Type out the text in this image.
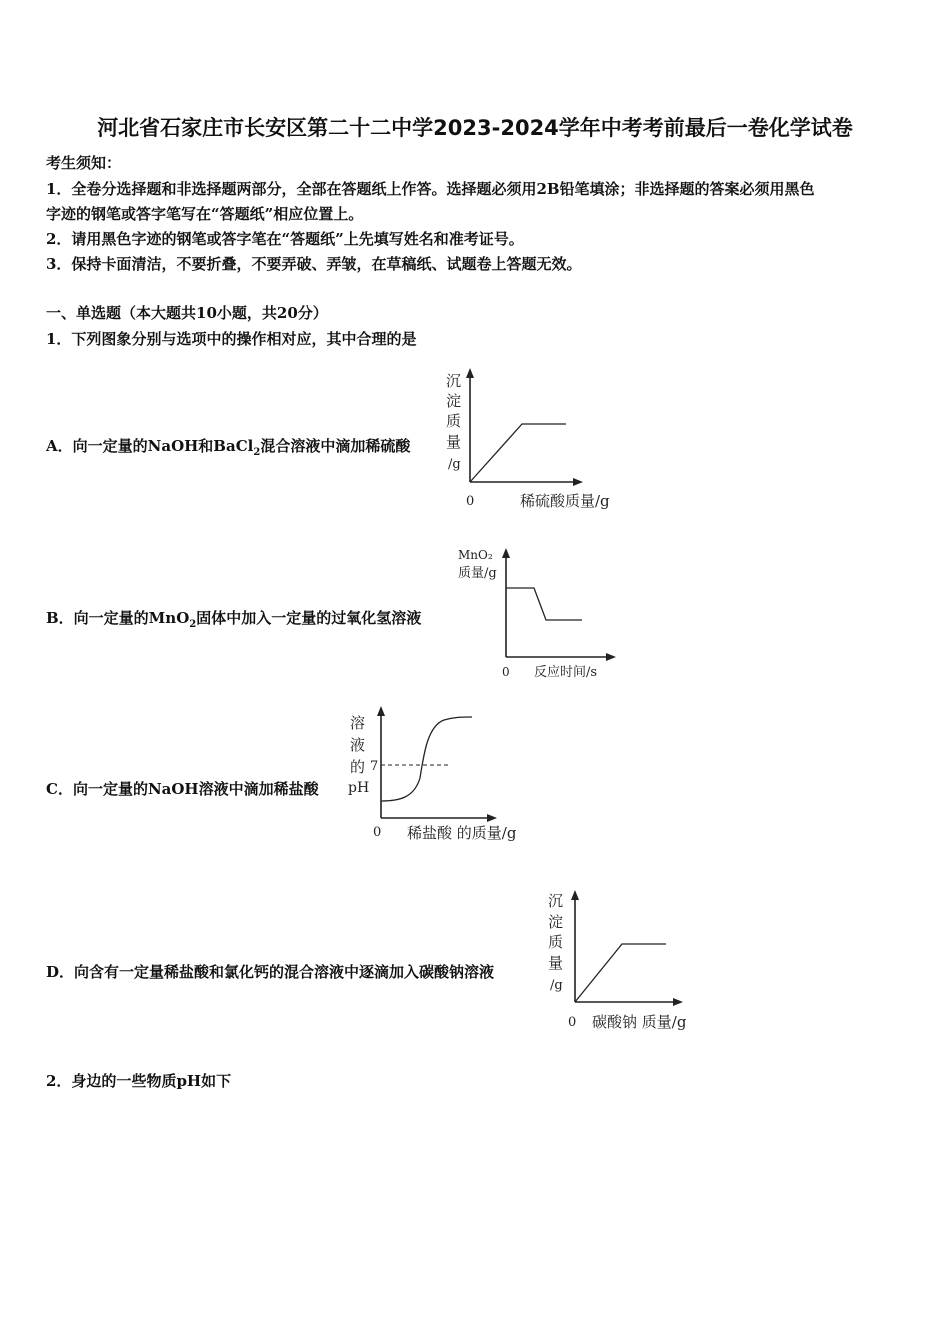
河北省石家庄市长安区第二十二中学2023-2024学年中考考前最后一卷化学试卷
考生须知：
1．全卷分选择题和非选择题两部分，全部在答题纸上作答。选择题必须用2B铅笔填涂；非选择题的答案必须用黑色
字迹的钢笔或答字笔写在“答题纸”相应位置上。
2．请用黑色字迹的钢笔或答字笔在“答题纸”上先填写姓名和准考证号。
3．保持卡面清洁，不要折叠，不要弄破、弄皱，在草稿纸、试题卷上答题无效。
一、单选题（本大题共10小题，共20分）
1．下列图象分别与选项中的操作相对应，其中合理的是
A．向一定量的NaOH和BaCl$_2$混合溶液中滴加稀硫酸
沉
淀
质
量
/g
0	稀硫酸质量/g
B．向一定量的MnO$_2$固体中加入一定量的过氧化氢溶液
MnO₂
质量/g
0 反应时间/s
C．向一定量的NaOH溶液中滴加稀盐酸
溶
液
的
pH
7
0 稀盐酸 的质量/g
D．向含有一定量稀盐酸和氯化钙的混合溶液中逐滴加入碳酸钠溶液
沉
淀
质
量
/g
0 碳酸钠 质量/g
2．身边的一些物质pH如下
